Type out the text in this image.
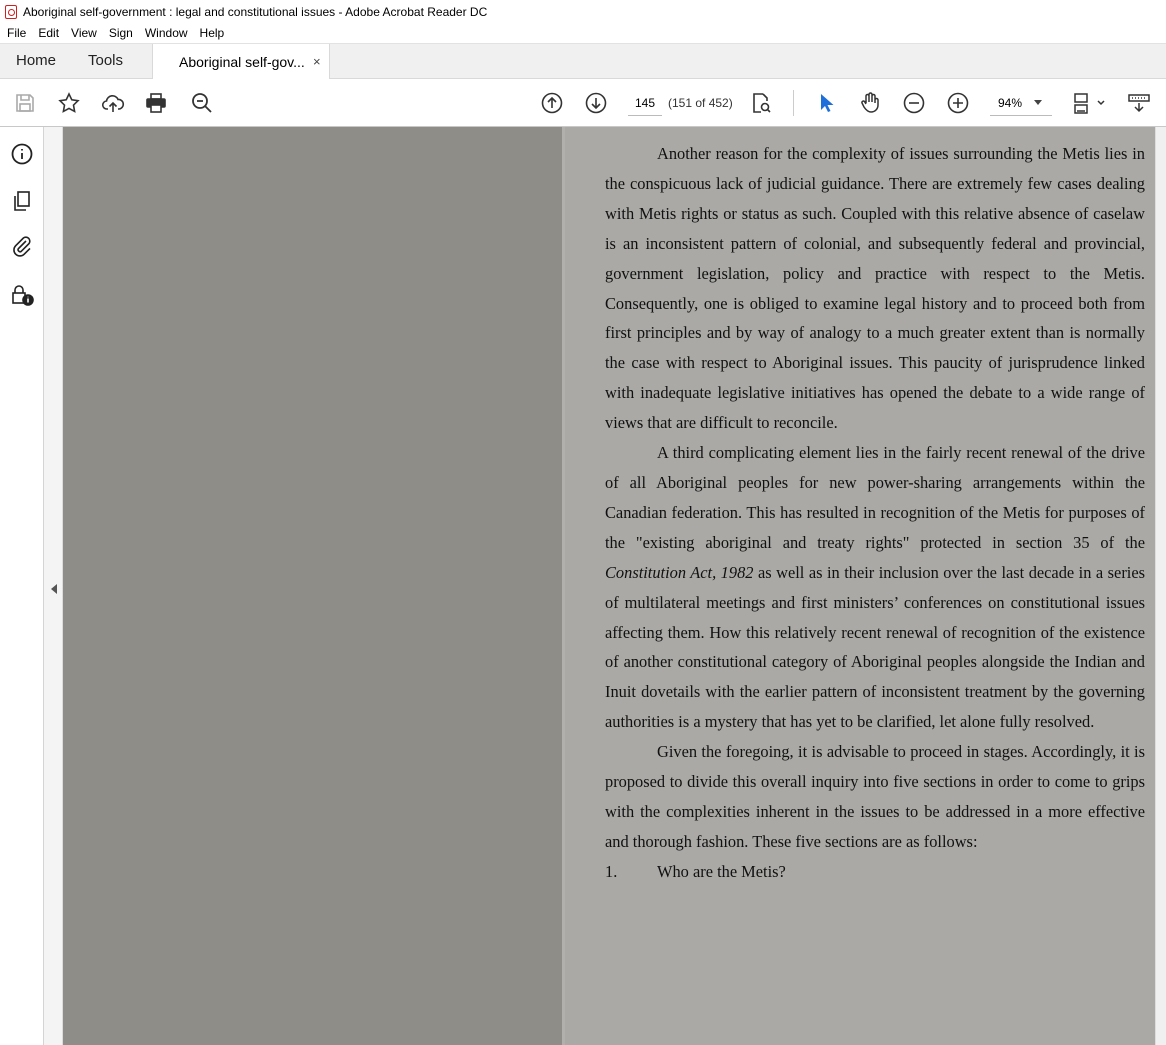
Aboriginal self-government : legal and constitutional issues - Adobe Acrobat Reader DC
File Edit View Sign Window Help
Home Tools	Aboriginal self-gov... ×
145	(151 of 452)	94%

Another reason for the complexity of issues surrounding the Metis lies in the conspicuous lack of judicial guidance. There are extremely few cases dealing with Metis rights or status as such. Coupled with this relative absence of caselaw is an inconsistent pattern of colonial, and subsequently federal and provincial, government legislation, policy and practice with respect to the Metis. Consequently, one is obliged to examine legal history and to proceed both from first principles and by way of analogy to a much greater extent than is normally the case with respect to Aboriginal issues. This paucity of jurisprudence linked with inadequate legislative initiatives has opened the debate to a wide range of views that are difficult to reconcile.

A third complicating element lies in the fairly recent renewal of the drive of all Aboriginal peoples for new power-sharing arrangements within the Canadian federation. This has resulted in recognition of the Metis for purposes of the "existing aboriginal and treaty rights" protected in section 35 of the Constitution Act, 1982 as well as in their inclusion over the last decade in a series of multilateral meetings and first ministers’ conferences on constitutional issues affecting them. How this relatively recent renewal of recognition of the existence of another constitutional category of Aboriginal peoples alongside the Indian and Inuit dovetails with the earlier pattern of inconsistent treatment by the governing authorities is a mystery that has yet to be clarified, let alone fully resolved.

Given the foregoing, it is advisable to proceed in stages. Accordingly, it is proposed to divide this overall inquiry into five sections in order to come to grips with the complexities inherent in the issues to be addressed in a more effective and thorough fashion. These five sections are as follows:

1.	Who are the Metis?
